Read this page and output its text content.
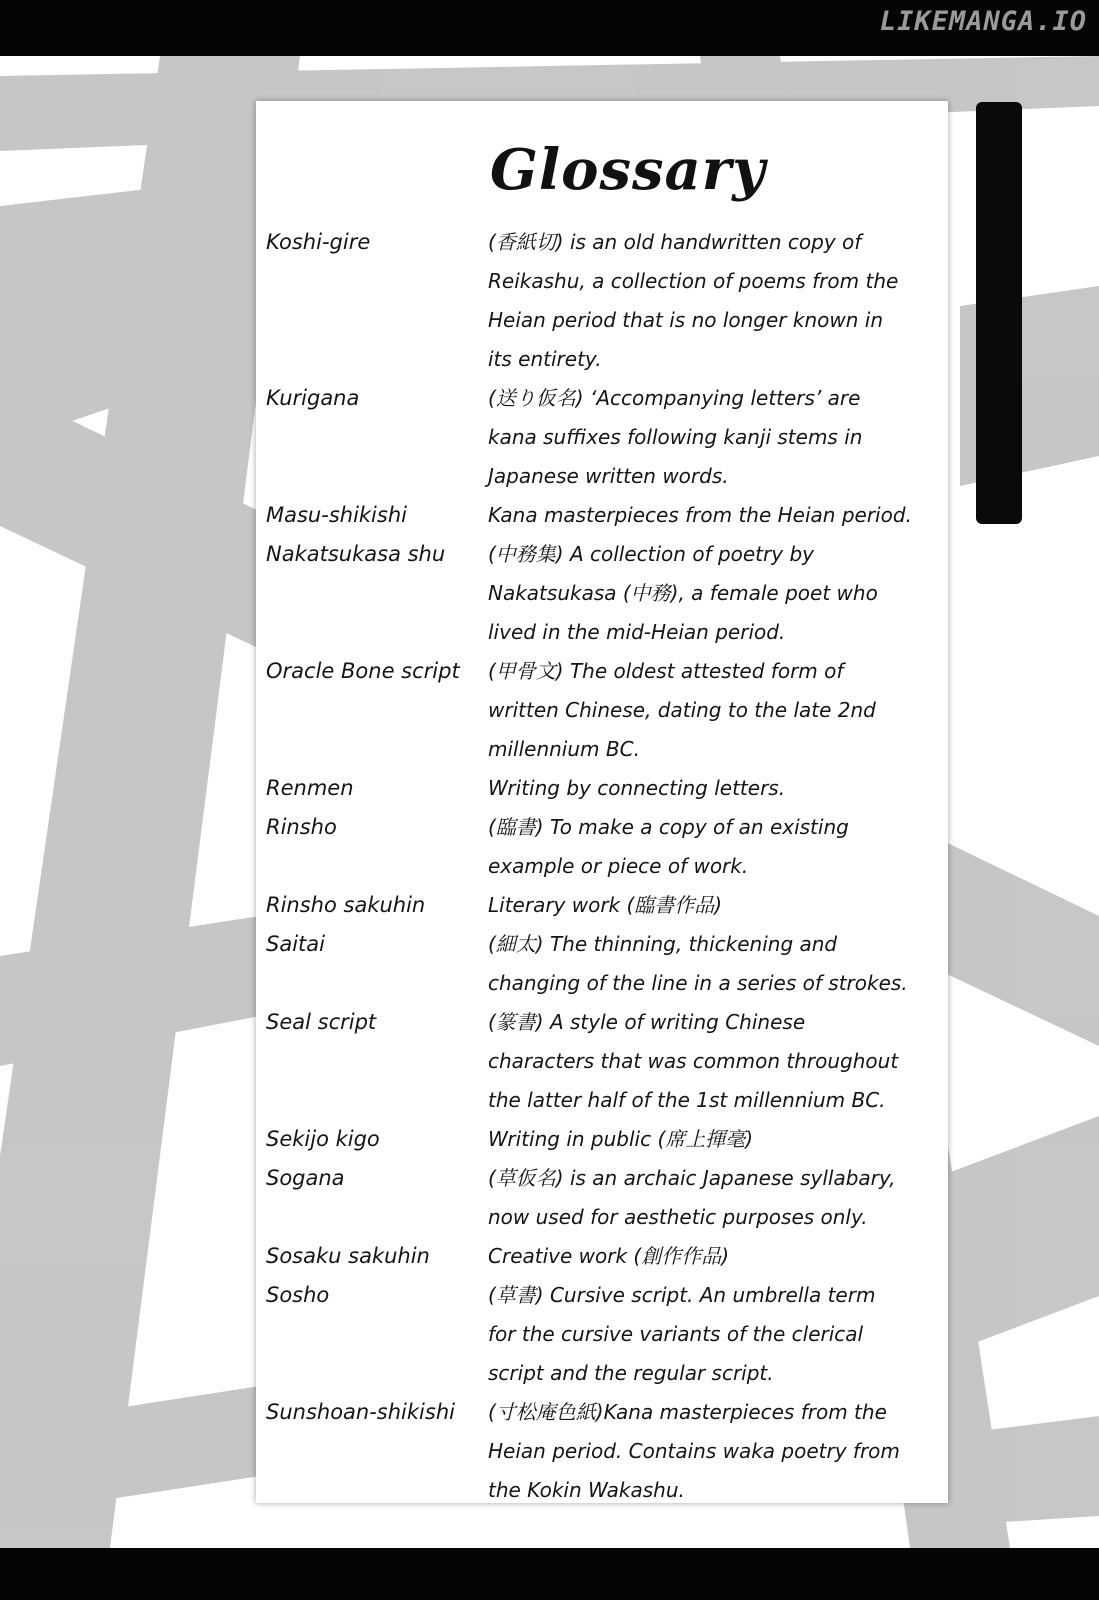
LIKEMANGA.IO
Glossary
Koshi-gire	(香紙切) is an old handwritten copy of
Reikashu, a collection of poems from the
Heian period that is no longer known in
its entirety.
Kurigana	(送り仮名) ‘Accompanying letters’ are
kana suffixes following kanji stems in
Japanese written words.
Masu-shikishi	Kana masterpieces from the Heian period.
Nakatsukasa shu	(中務集) A collection of poetry by
Nakatsukasa (中務), a female poet who
lived in the mid-Heian period.
Oracle Bone script	(甲骨文) The oldest attested form of
written Chinese, dating to the late 2nd
millennium BC.
Renmen	Writing by connecting letters.
Rinsho	(臨書) To make a copy of an existing
example or piece of work.
Rinsho sakuhin	Literary work (臨書作品)
Saitai	(細太) The thinning, thickening and
changing of the line in a series of strokes.
Seal script	(篆書) A style of writing Chinese
characters that was common throughout
the latter half of the 1st millennium BC.
Sekijo kigo	Writing in public (席上揮毫)
Sogana	(草仮名) is an archaic Japanese syllabary,
now used for aesthetic purposes only.
Sosaku sakuhin	Creative work (創作作品)
Sosho	(草書) Cursive script. An umbrella term
for the cursive variants of the clerical
script and the regular script.
Sunshoan-shikishi	(寸松庵色紙)Kana masterpieces from the
Heian period. Contains waka poetry from
the Kokin Wakashu.
